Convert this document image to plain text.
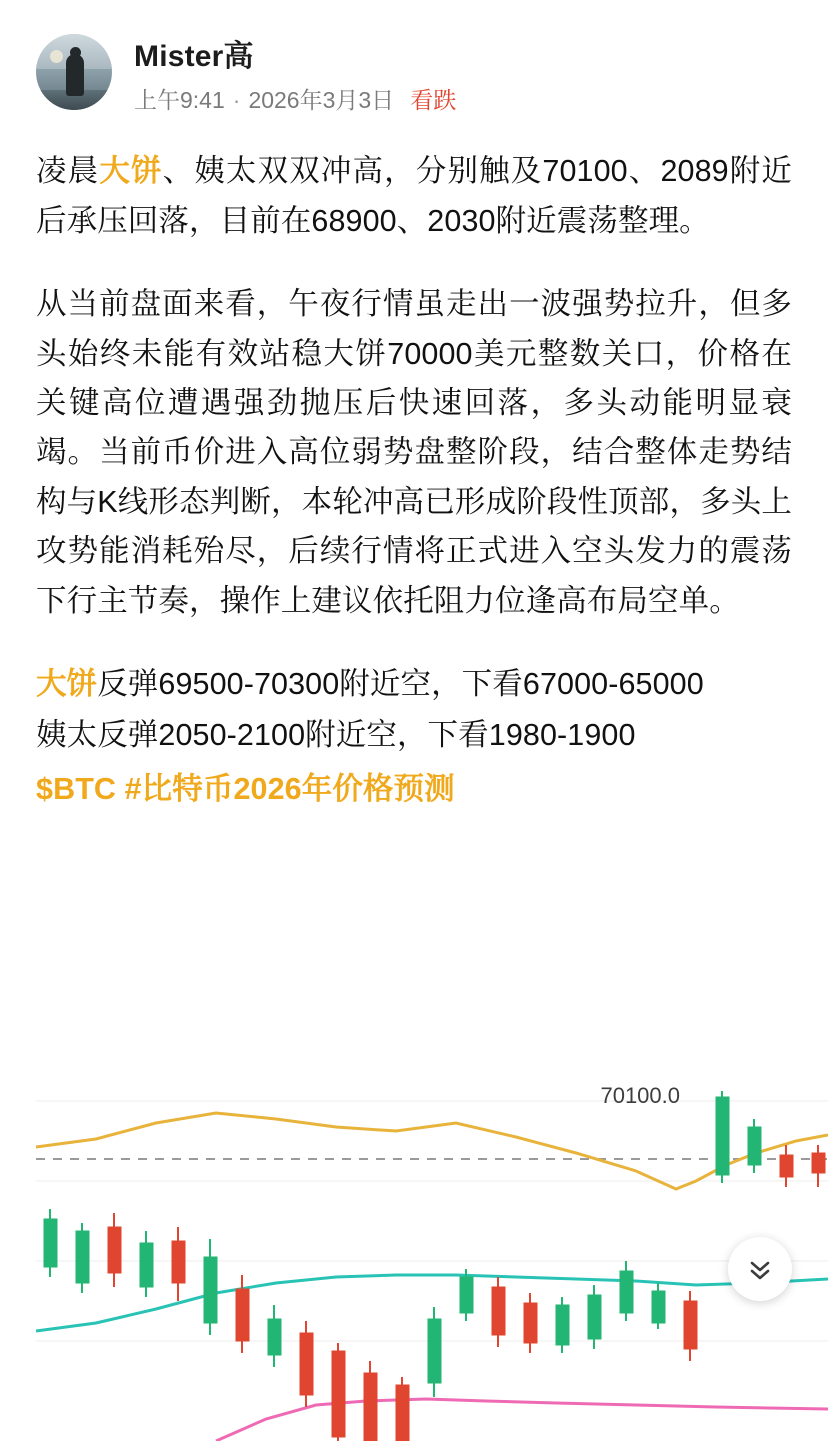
Mister高
上午9:41 · 2026年3月3日 看跌

凌晨大饼、姨太双双冲高，分别触及70100、2089附近后承压回落，目前在68900、2030附近震荡整理。

从当前盘面来看，午夜行情虽走出一波强势拉升，但多头始终未能有效站稳大饼70000美元整数关口，价格在关键高位遭遇强劲抛压后快速回落，多头动能明显衰竭。当前币价进入高位弱势盘整阶段，结合整体走势结构与K线形态判断，本轮冲高已形成阶段性顶部，多头上攻势能消耗殆尽，后续行情将正式进入空头发力的震荡下行主节奏，操作上建议依托阻力位逢高布局空单。

大饼反弹69500-70300附近空，下看67000-65000
姨太反弹2050-2100附近空，下看1980-1900
$BTC #比特币2026年价格预测
70100.0
